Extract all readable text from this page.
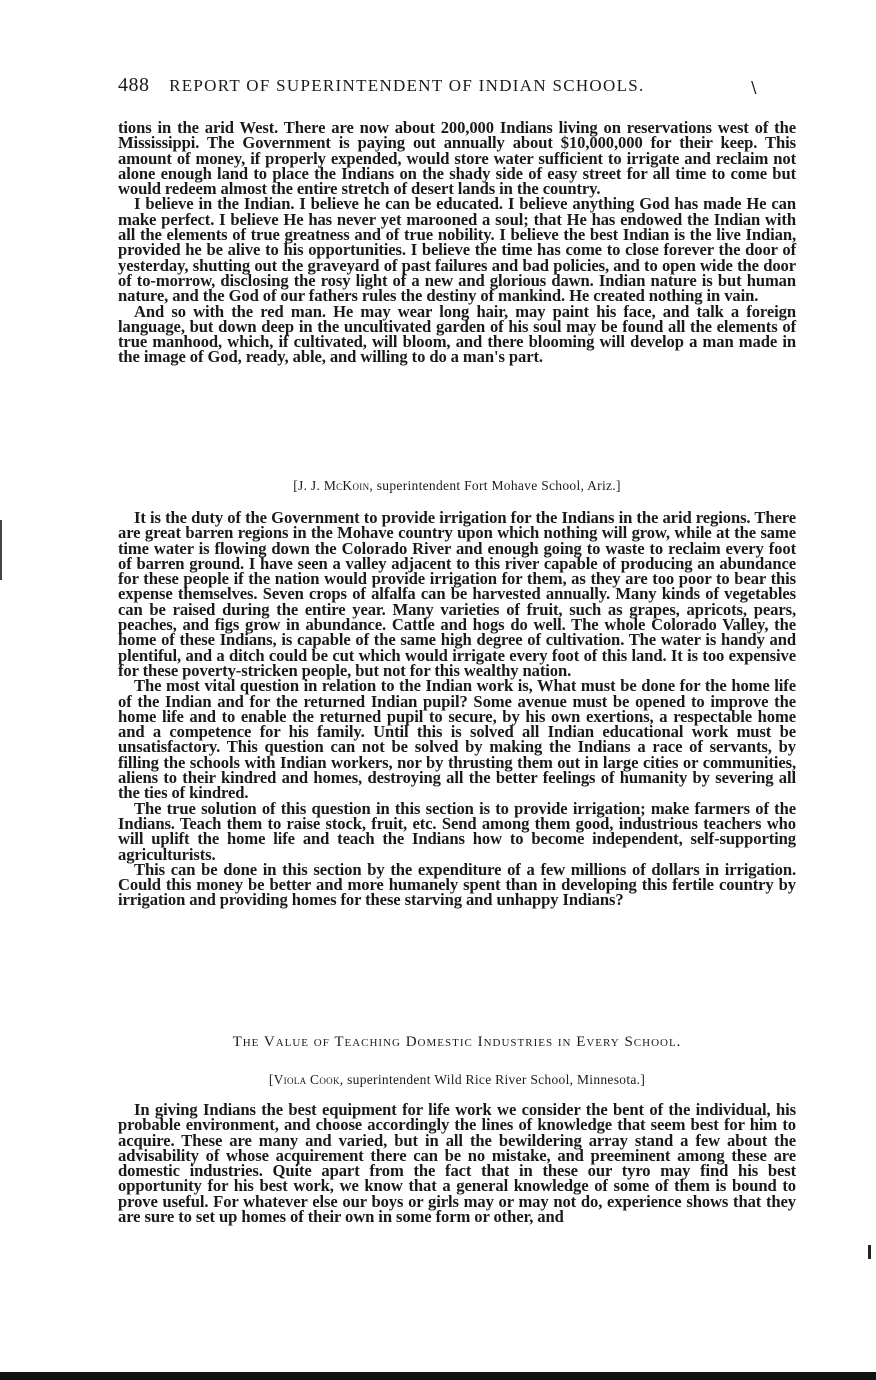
488 REPORT OF SUPERINTENDENT OF INDIAN SCHOOLS.	∖

tions in the arid West. There are now about 200,000 Indians living on reservations west of the Mississippi. The Government is paying out annually about $10,000,000 for their keep. This amount of money, if properly expended, would store water sufficient to irrigate and reclaim not alone enough land to place the Indians on the shady side of easy street for all time to come but would redeem almost the entire stretch of desert lands in the country.

I believe in the Indian. I believe he can be educated. I believe anything God has made He can make perfect. I believe He has never yet marooned a soul; that He has endowed the Indian with all the elements of true greatness and of true nobility. I believe the best Indian is the live Indian, provided he be alive to his opportunities. I believe the time has come to close forever the door of yesterday, shutting out the graveyard of past failures and bad policies, and to open wide the door of to-morrow, disclosing the rosy light of a new and glorious dawn. Indian nature is but human nature, and the God of our fathers rules the destiny of mankind. He created nothing in vain.

And so with the red man. He may wear long hair, may paint his face, and talk a foreign language, but down deep in the uncultivated garden of his soul may be found all the elements of true manhood, which, if cultivated, will bloom, and there blooming will develop a man made in the image of God, ready, able, and willing to do a man's part.

[J. J. McKoin, superintendent Fort Mohave School, Ariz.]

It is the duty of the Government to provide irrigation for the Indians in the arid regions. There are great barren regions in the Mohave country upon which nothing will grow, while at the same time water is flowing down the Colorado River and enough going to waste to reclaim every foot of barren ground. I have seen a valley adjacent to this river capable of producing an abundance for these people if the nation would provide irrigation for them, as they are too poor to bear this expense themselves. Seven crops of alfalfa can be harvested annually. Many kinds of vegetables can be raised during the entire year. Many varieties of fruit, such as grapes, apricots, pears, peaches, and figs grow in abundance. Cattle and hogs do well. The whole Colorado Valley, the home of these Indians, is capable of the same high degree of cultivation. The water is handy and plentiful, and a ditch could be cut which would irrigate every foot of this land. It is too expensive for these poverty-stricken people, but not for this wealthy nation.

The most vital question in relation to the Indian work is, What must be done for the home life of the Indian and for the returned Indian pupil? Some avenue must be opened to improve the home life and to enable the returned pupil to secure, by his own exertions, a respectable home and a competence for his family. Until this is solved all Indian educational work must be unsatisfactory. This question can not be solved by making the Indians a race of servants, by filling the schools with Indian workers, nor by thrusting them out in large cities or communities, aliens to their kindred and homes, destroying all the better feelings of humanity by severing all the ties of kindred.

The true solution of this question in this section is to provide irrigation; make farmers of the Indians. Teach them to raise stock, fruit, etc. Send among them good, industrious teachers who will uplift the home life and teach the Indians how to become independent, self-supporting agriculturists.

This can be done in this section by the expenditure of a few millions of dollars in irrigation. Could this money be better and more humanely spent than in developing this fertile country by irrigation and providing homes for these starving and unhappy Indians?

The Value of Teaching Domestic Industries in Every School.
[Viola Cook, superintendent Wild Rice River School, Minnesota.]

In giving Indians the best equipment for life work we consider the bent of the individual, his probable environment, and choose accordingly the lines of knowledge that seem best for him to acquire. These are many and varied, but in all the bewildering array stand a few about the advisability of whose acquirement there can be no mistake, and preeminent among these are domestic industries. Quite apart from the fact that in these our tyro may find his best opportunity for his best work, we know that a general knowledge of some of them is bound to prove useful. For whatever else our boys or girls may or may not do, experience shows that they are sure to set up homes of their own in some form or other, and
